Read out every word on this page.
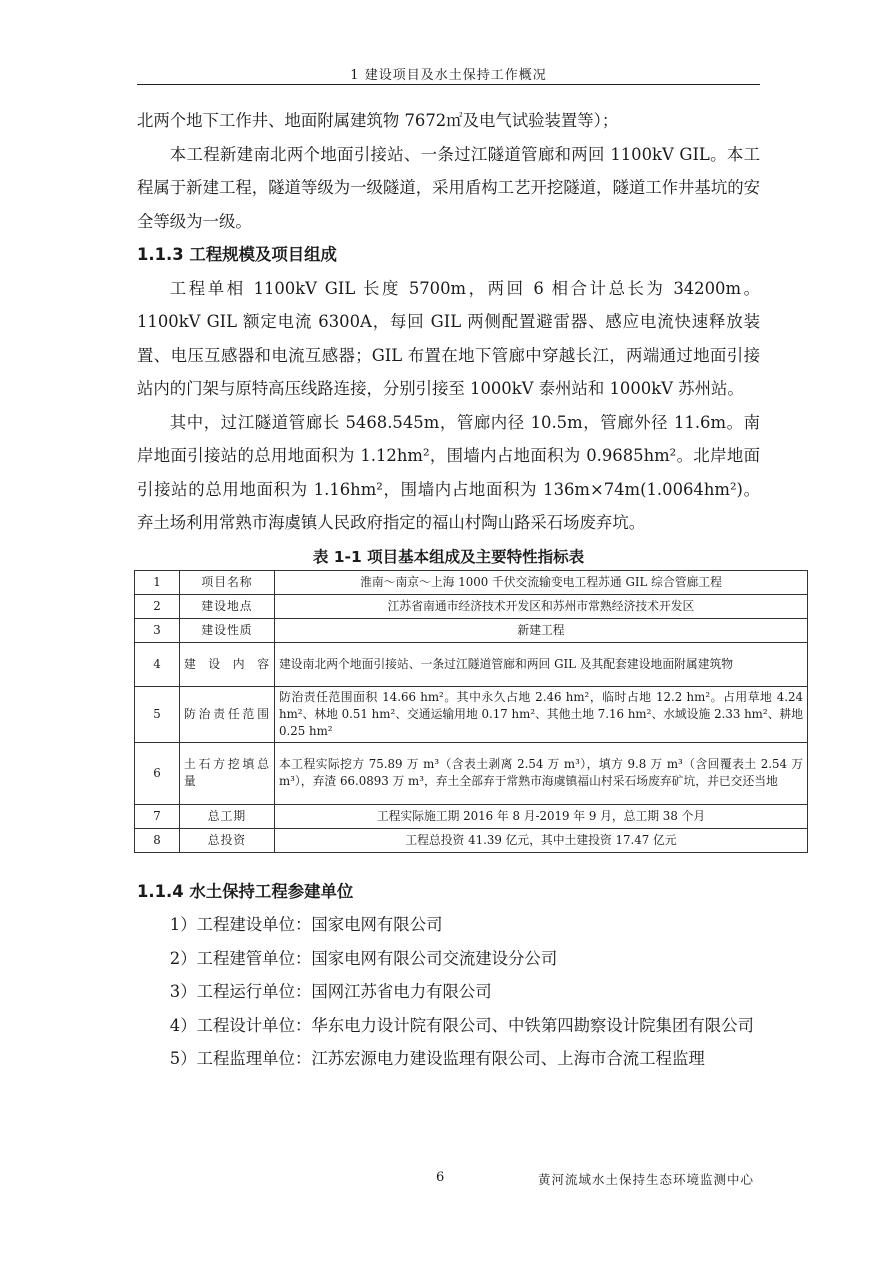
1 建设项目及水土保持工作概况

北两个地下工作井、地面附属建筑物 7672㎡及电气试验装置等）；

本工程新建南北两个地面引接站、一条过江隧道管廊和两回 1100kV GIL。本工程属于新建工程，隧道等级为一级隧道，采用盾构工艺开挖隧道，隧道工作井基坑的安全等级为一级。

1.1.3 工程规模及项目组成

工程单相 1100kV GIL 长度 5700m，两回 6 相合计总长为 34200m。1100kV GIL 额定电流 6300A，每回 GIL 两侧配置避雷器、感应电流快速释放装置、电压互感器和电流互感器；GIL 布置在地下管廊中穿越长江，两端通过地面引接站内的门架与原特高压线路连接，分别引接至 1000kV 泰州站和 1000kV 苏州站。

其中，过江隧道管廊长 5468.545m，管廊内径 10.5m，管廊外径 11.6m。南岸地面引接站的总用地面积为 1.12hm²，围墙内占地面积为 0.9685hm²。北岸地面引接站的总用地面积为 1.16hm²，围墙内占地面积为 136m×74m(1.0064hm²)。弃土场利用常熟市海虞镇人民政府指定的福山村陶山路采石场废弃坑。

表 1-1 项目基本组成及主要特性指标表
1	项目名称	淮南～南京～上海 1000 千伏交流输变电工程苏通 GIL 综合管廊工程
2	建设地点	江苏省南通市经济技术开发区和苏州市常熟经济技术开发区
3	建设性质	新建工程
4	建设内容	建设南北两个地面引接站、一条过江隧道管廊和两回 GIL 及其配套建设地面附属建筑物
5	防治责任范围	防治责任范围面积 14.66 hm²。其中永久占地 2.46 hm²，临时占地 12.2 hm²。占用草地 4.24 hm²、林地 0.51 hm²、交通运输用地 0.17 hm²、其他土地 7.16 hm²、水域设施 2.33 hm²、耕地 0.25 hm²
6	土石方挖填总量	本工程实际挖方 75.89 万 m³（含表土剥离 2.54 万 m³），填方 9.8 万 m³（含回覆表土 2.54 万 m³），弃渣 66.0893 万 m³，弃土全部弃于常熟市海虞镇福山村采石场废弃矿坑，并已交还当地
7	总工期	工程实际施工期 2016 年 8 月-2019 年 9 月，总工期 38 个月
8	总投资	工程总投资 41.39 亿元，其中土建投资 17.47 亿元
1.1.4 水土保持工程参建单位

1）工程建设单位：国家电网有限公司

2）工程建管单位：国家电网有限公司交流建设分公司

3）工程运行单位：国网江苏省电力有限公司

4）工程设计单位：华东电力设计院有限公司、中铁第四勘察设计院集团有限公司

5）工程监理单位：江苏宏源电力建设监理有限公司、上海市合流工程监理

6	黄河流域水土保持生态环境监测中心
